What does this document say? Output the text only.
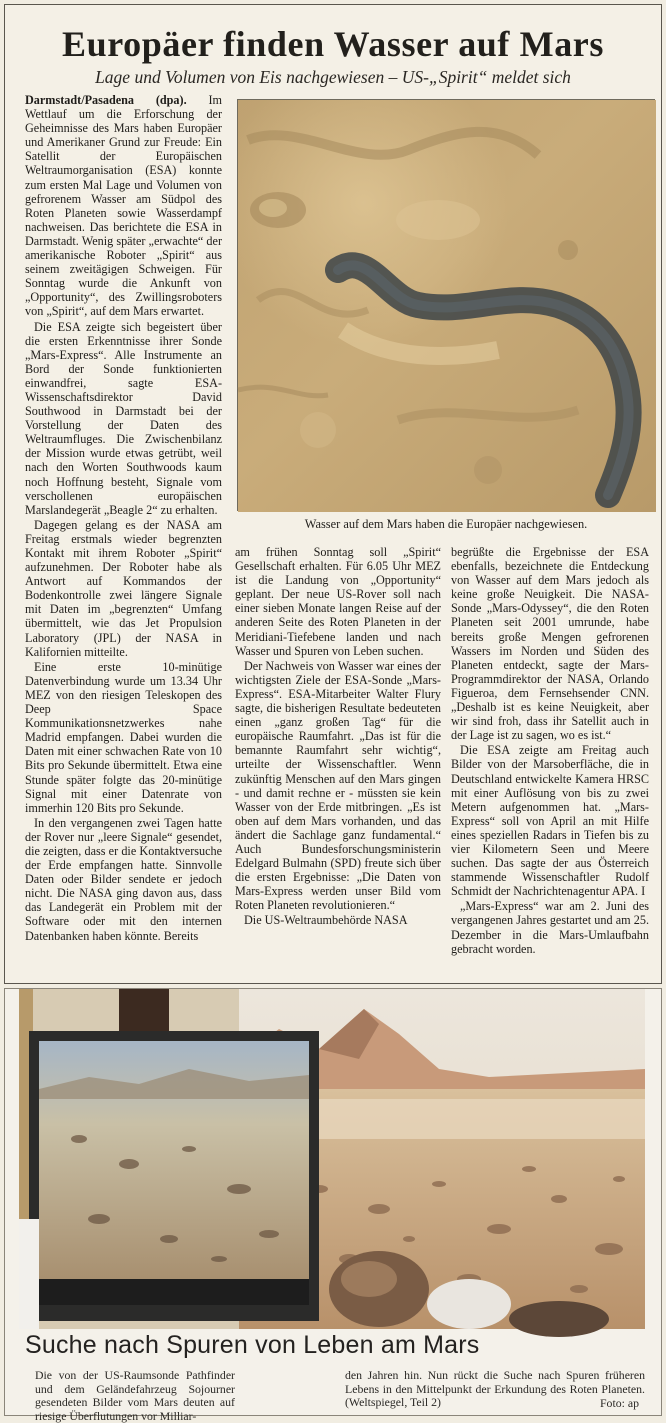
Europäer finden Wasser auf Mars
Lage und Volumen von Eis nachgewiesen – US-„Spirit“ meldet sich

Darmstadt/Pasadena (dpa). Im Wettlauf um die Erforschung der Geheimnisse des Mars haben Europäer und Amerikaner Grund zur Freude: Ein Satellit der Europäischen Weltraumorganisation (ESA) konnte zum ersten Mal Lage und Volumen von gefrorenem Wasser am Südpol des Roten Planeten sowie Wasserdampf nachweisen. Das berichtete die ESA in Darmstadt. Wenig später „erwachte“ der amerikanische Roboter „Spirit“ aus seinem zweitägigen Schweigen. Für Sonntag wurde die Ankunft von „Opportunity“, des Zwillingsroboters von „Spirit“, auf dem Mars erwartet.

Die ESA zeigte sich begeistert über die ersten Erkenntnisse ihrer Sonde „Mars-Express“. Alle Instrumente an Bord der Sonde funktionierten einwandfrei, sagte ESA-Wissenschaftsdirektor David Southwood in Darmstadt bei der Vorstellung der Daten des Weltraumfluges. Die Zwischenbilanz der Mission wurde etwas getrübt, weil nach den Worten Southwoods kaum noch Hoffnung besteht, Signale vom verschollenen europäischen Marslandegerät „Beagle 2“ zu erhalten.

Dagegen gelang es der NASA am Freitag erstmals wieder begrenzten Kontakt mit ihrem Roboter „Spirit“ aufzunehmen. Der Roboter habe als Antwort auf Kommandos der Bodenkontrolle zwei längere Signale mit Daten im „begrenzten“ Umfang übermittelt, wie das Jet Propulsion Laboratory (JPL) der NASA in Kalifornien mitteilte.

Eine erste 10-minütige Datenverbindung wurde um 13.34 Uhr MEZ von den riesigen Teleskopen des Deep Space Kommunikationsnetzwerkes nahe Madrid empfangen. Dabei wurden die Daten mit einer schwachen Rate von 10 Bits pro Sekunde übermittelt. Etwa eine Stunde später folgte das 20-minütige Signal mit einer Datenrate von immerhin 120 Bits pro Sekunde.

In den vergangenen zwei Tagen hatte der Rover nur „leere Signale“ gesendet, die zeigten, dass er die Kontaktversuche der Erde empfangen hatte. Sinnvolle Daten oder Bilder sendete er jedoch nicht. Die NASA ging davon aus, dass das Landegerät ein Problem mit der Software oder mit den internen Datenbanken haben könnte. Bereits

Wasser auf dem Mars haben die Europäer nachgewiesen.

am frühen Sonntag soll „Spirit“ Gesellschaft erhalten. Für 6.05 Uhr MEZ ist die Landung von „Opportunity“ geplant. Der neue US-Rover soll nach einer sieben Monate langen Reise auf der anderen Seite des Roten Planeten in der Meridiani-Tiefebene landen und nach Wasser und Spuren von Leben suchen.

Der Nachweis von Wasser war eines der wichtigsten Ziele der ESA-Sonde „Mars-Express“. ESA-Mitarbeiter Walter Flury sagte, die bisherigen Resultate bedeuteten einen „ganz großen Tag“ für die europäische Raumfahrt. „Das ist für die bemannte Raumfahrt sehr wichtig“, urteilte der Wissenschaftler. Wenn zukünftig Menschen auf den Mars gingen - und damit rechne er - müssten sie kein Wasser von der Erde mitbringen. „Es ist oben auf dem Mars vorhanden, und das ändert die Sachlage ganz fundamental.“ Auch Bundesforschungsministerin Edelgard Bulmahn (SPD) freute sich über die ersten Ergebnisse: „Die Daten von Mars-Express werden unser Bild vom Roten Planeten revolutionieren.“

Die US-Weltraumbehörde NASA

begrüßte die Ergebnisse der ESA ebenfalls, bezeichnete die Entdeckung von Wasser auf dem Mars jedoch als keine große Neuigkeit. Die NASA-Sonde „Mars-Odyssey“, die den Roten Planeten seit 2001 umrunde, habe bereits große Mengen gefrorenen Wassers im Norden und Süden des Planeten entdeckt, sagte der Mars-Programmdirektor der NASA, Orlando Figueroa, dem Fernsehsender CNN. „Deshalb ist es keine Neuigkeit, aber wir sind froh, dass ihr Satellit auch in der Lage ist zu sagen, wo es ist.“

Die ESA zeigte am Freitag auch Bilder von der Marsoberfläche, die in Deutschland entwickelte Kamera HRSC mit einer Auflösung von bis zu zwei Metern aufgenommen hat. „Mars-Express“ soll von April an mit Hilfe eines speziellen Radars in Tiefen bis zu vier Kilometern Seen und Meere suchen. Das sagte der aus Österreich stammende Wissenschaftler Rudolf Schmidt der Nachrichtenagentur APA. I

„Mars-Express“ war am 2. Juni des vergangenen Jahres gestartet und am 25. Dezember in die Mars-Umlaufbahn gebracht worden.

Suche nach Spuren von Leben am Mars
Die von der US-Raumsonde Pathfinder und dem Geländefahrzeug Sojourner gesendeten Bilder vom Mars deuten auf riesige Überflutungen vor Milliar-
den Jahren hin. Nun rückt die Suche nach Spuren früheren Lebens in den Mittelpunkt der Erkundung des Roten Planeten. (Weltspiegel, Teil 2)	Foto: ap
